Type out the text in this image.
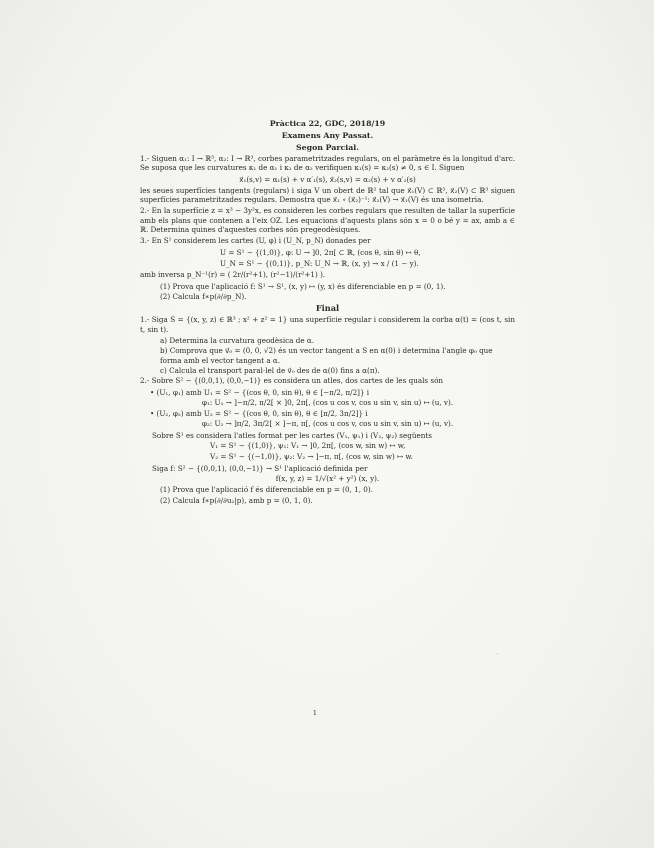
Pràctica 22, GDC, 2018/19
Examens Any Passat.
Segon Parcial.

1.- Siguen α₁: I → ℝ³, α₂: I → ℝ³, corbes parametritzades regulars, on el paràmetre és la longitud d'arc. Se suposa que les curvatures κ₁ de α₁ i κ₂ de α₂ verifiquen κ₁(s) = κ₂(s) ≠ 0, s ∈ I. Siguen

x⃗₁(s,v) = α₁(s) + v α′₁(s), x⃗₂(s,v) = α₂(s) + v α′₂(s)

les seues superfícies tangents (regulars) i siga V un obert de ℝ² tal que x⃗₁(V) ⊂ ℝ³, x⃗₂(V) ⊂ ℝ³ siguen superfícies parametritzades regulars. Demostra que x⃗₁ ∘ (x⃗₂)⁻¹: x⃗₂(V) → x⃗₁(V) és una isometria.

2.- En la superfície z = x³ − 3y²x, es consideren les corbes regulars que resulten de tallar la superfície amb els plans que contenen a l'eix OZ. Les equacions d'aquests plans són x = 0 o bé y = ax, amb a ∈ ℝ. Determina quines d'aquestes corbes són pregeodèsiques.

3.- En S¹ considerem les cartes (U, φ) i (U_N, p_N) donades per

U = S¹ − {(1,0)}, φ: U → ]0, 2π[ ⊂ ℝ, (cos θ, sin θ) ↦ θ,
U_N = S¹ − {(0,1)}, p_N: U_N → ℝ, (x, y) → x / (1 − y).

amb inversa p_N⁻¹(r) = ( 2r/(r²+1), (r²−1)/(r²+1) ).

(1) Prova que l'aplicació f: S¹ → S¹, (x, y) ↦ (y, x) és diferenciable en p = (0, 1).
(2) Calcula f∗p(∂/∂p_N).
Final

1.- Siga S = {(x, y, z) ∈ ℝ³ ; x² + z² = 1} una superfície regular i considerem la corba α(t) = (cos t, sin t, sin t).

a) Determina la curvatura geodèsica de α.
b) Comprova que v⃗₀ = (0, 0, √2) és un vector tangent a S en α(0) i determina l'angle φ₀ que forma amb el vector tangent a α.
c) Calcula el transport paral·lel de v⃗₀ des de α(0) fins a α(π).

2.- Sobre S² − {(0,0,1), (0,0,−1)} es considera un atles, dos cartes de les quals són

• (U₁, φ₁) amb U₁ = S² − {(cos θ, 0, sin θ), θ ∈ [−π/2, π/2]} i
φ₁: U₁ → ]−π/2, π/2[ × ]0, 2π[, (cos u cos v, cos u sin v, sin u) ↦ (u, v).
• (U₂, φ₂) amb U₂ = S² − {(cos θ, 0, sin θ), θ ∈ [π/2, 3π/2]} i
φ₂: U₂ → ]π/2, 3π/2[ × ]−π, π[, (cos u cos v, cos u sin v, sin u) ↦ (u, v).
Sobre S¹ es considera l'atles format per les cartes (V₁, ψ₁) i (V₂, ψ₂) següents
V₁ = S¹ − {(1,0)}, ψ₁: V₁ → ]0, 2π[, (cos w, sin w) ↦ w,
V₂ = S¹ − {(−1,0)}, ψ₂: V₂ → ]−π, π[, (cos w, sin w) ↦ w.
Siga f: S² − {(0,0,1), (0,0,−1)} → S¹ l'aplicació definida per
f(x, y, z) = 1/√(x² + y²) (x, y).
(1) Prova que l'aplicació f és diferenciable en p = (0, 1, 0).
(2) Calcula f∗p(∂/∂u₂|p), amb p = (0, 1, 0).
·
1
